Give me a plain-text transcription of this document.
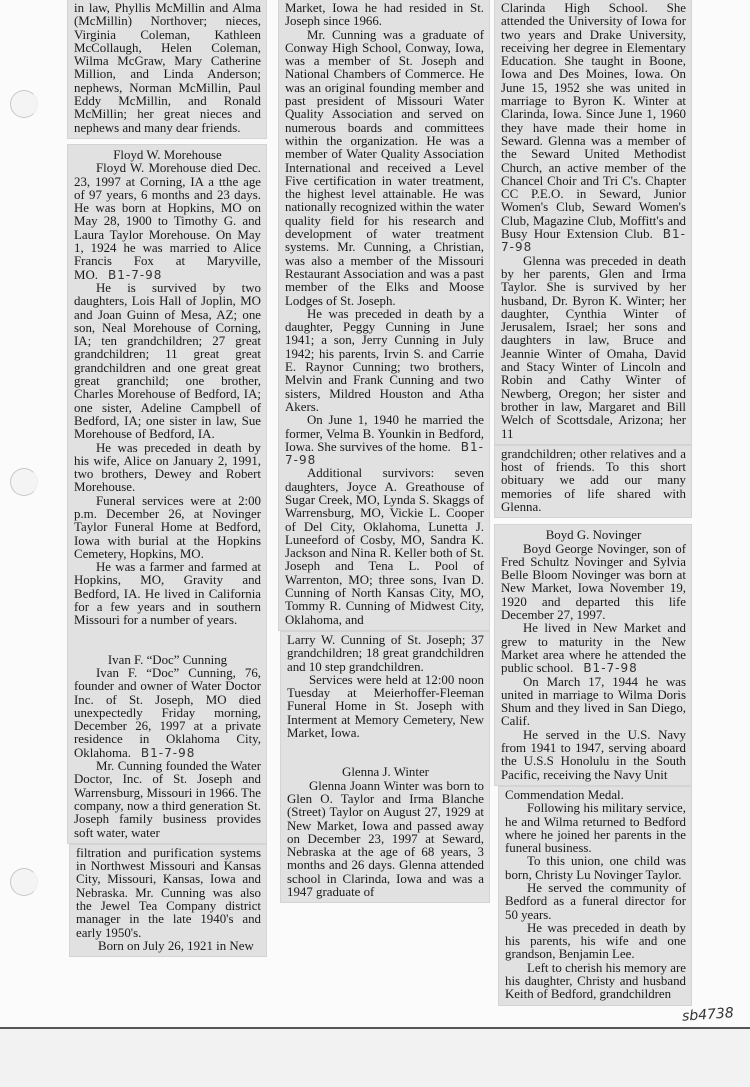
in law, Phyllis McMillin and Alma (McMillin) Northover; nieces, Virginia Coleman, Kathleen McCollaugh, Helen Coleman, Wilma McGraw, Mary Catherine Million, and Linda Anderson; nephews, Norman McMillin, Paul Eddy McMillin, and Ronald McMillin; her great nieces and nephews and many dear friends.

Floyd W. Morehouse

Floyd W. Morehouse died Dec. 23, 1997 at Corning, IA a tthe age of 97 years, 6 months and 23 days. He was born at Hopkins, MO on May 28, 1900 to Timothy G. and Laura Taylor Morehouse. On May 1, 1924 he was married to Alice Francis Fox at Maryville, MO. B1-7-98

He is survived by two daughters, Lois Hall of Joplin, MO and Joan Guinn of Mesa, AZ; one son, Neal Morehouse of Corning, IA; ten grandchildren; 27 great grandchildren; 11 great great grandchildren and one great great great granchild; one brother, Charles Morehouse of Bedford, IA; one sister, Adeline Campbell of Bedford, IA; one sister in law, Sue Morehouse of Bedford, IA.

He was preceded in death by his wife, Alice on January 2, 1991, two brothers, Dewey and Robert Morehouse.

Funeral services were at 2:00 p.m. December 26, at Novinger Taylor Funeral Home at Bedford, Iowa with burial at the Hopkins Cemetery, Hopkins, MO.

He was a farmer and farmed at Hopkins, MO, Gravity and Bedford, IA. He lived in California for a few years and in southern Missouri for a number of years.

Ivan F. “Doc” Cunning

Ivan F. “Doc” Cunning, 76, founder and owner of Water Doctor Inc. of St. Joseph, MO died unexpectedly Friday morning, December 26, 1997 at a private residence in Oklahoma City, Oklahoma. B1-7-98

Mr. Cunning founded the Water Doctor, Inc. of St. Joseph and Warrensburg, Missouri in 1966. The company, now a third generation St. Joseph family business provides soft water, water

filtration and purification systems in Northwest Missouri and Kansas City, Missouri, Kansas, Iowa and Nebraska. Mr. Cunning was also the Jewel Tea Company district manager in the late 1940's and early 1950's.

Born on July 26, 1921 in New

Market, Iowa he had resided in St. Joseph since 1966.

Mr. Cunning was a graduate of Conway High School, Conway, Iowa, was a member of St. Joseph and National Chambers of Commerce. He was an original founding member and past president of Missouri Water Quality Association and served on numerous boards and committees within the organization. He was a member of Water Quality Association International and received a Level Five certification in water treatment, the highest level attainable. He was nationally recognized within the water quality field for his research and development of water treatment systems. Mr. Cunning, a Christian, was also a member of the Missouri Restaurant Association and was a past member of the Elks and Moose Lodges of St. Joseph.

He was preceded in death by a daughter, Peggy Cunning in June 1941; a son, Jerry Cunning in July 1942; his parents, Irvin S. and Carrie E. Raynor Cunning; two brothers, Melvin and Frank Cunning and two sisters, Mildred Houston and Atha Akers.

On June 1, 1940 he married the former, Velma B. Younkin in Bedford, Iowa. She survives of the home. B1-7-98

Additional survivors: seven daughters, Joyce A. Greathouse of Sugar Creek, MO, Lynda S. Skaggs of Warrensburg, MO, Vickie L. Cooper of Del City, Oklahoma, Lunetta J. Luneeford of Cosby, MO, Sandra K. Jackson and Nina R. Keller both of St. Joseph and Tena L. Pool of Warrenton, MO; three sons, Ivan D. Cunning of North Kansas City, MO, Tommy R. Cunning of Midwest City, Oklahoma, and

Larry W. Cunning of St. Joseph; 37 grandchildren; 18 great grandchildren and 10 step grandchildren.

Services were held at 12:00 noon Tuesday at Meierhoffer-Fleeman Funeral Home in St. Joseph with Interment at Memory Cemetery, New Market, Iowa.

Glenna J. Winter

Glenna Joann Winter was born to Glen O. Taylor and Irma Blanche (Street) Taylor on August 27, 1929 at New Market, Iowa and passed away on December 23, 1997 at Seward, Nebraska at the age of 68 years, 3 months and 26 days. Glenna attended school in Clarinda, Iowa and was a 1947 graduate of

Clarinda High School. She attended the University of Iowa for two years and Drake University, receiving her degree in Elementary Education. She taught in Boone, Iowa and Des Moines, Iowa. On June 15, 1952 she was united in marriage to Byron K. Winter at Clarinda, Iowa. Since June 1, 1960 they have made their home in Seward. Glenna was a member of the Seward United Methodist Church, an active member of the Chancel Choir and Tri C's. Chapter CC P.E.O. in Seward, Junior Women's Club, Seward Women's Club, Magazine Club, Moffitt's and Busy Hour Extension Club. B1-7-98

Glenna was preceded in death by her parents, Glen and Irma Taylor. She is survived by her husband, Dr. Byron K. Winter; her daughter, Cynthia Winter of Jerusalem, Israel; her sons and daughters in law, Bruce and Jeannie Winter of Omaha, David and Stacy Winter of Lincoln and Robin and Cathy Winter of Newberg, Oregon; her sister and brother in law, Margaret and Bill Welch of Scottsdale, Arizona; her 11

grandchildren; other relatives and a host of friends. To this short obituary we add our many memories of life shared with Glenna.

Boyd G. Novinger

Boyd George Novinger, son of Fred Schultz Novinger and Sylvia Belle Bloom Novinger was born at New Market, Iowa November 19, 1920 and departed this life December 27, 1997.

He lived in New Market and grew to maturity in the New Market area where he attended the public school. B1-7-98

On March 17, 1944 he was united in marriage to Wilma Doris Shum and they lived in San Diego, Calif.

He served in the U.S. Navy from 1941 to 1947, serving aboard the U.S.S Honolulu in the South Pacific, receiving the Navy Unit

Commendation Medal.

Following his military service, he and Wilma returned to Bedford where he joined her parents in the funeral business.

To this union, one child was born, Christy Lu Novinger Taylor.

He served the community of Bedford as a funeral director for 50 years.

He was preceded in death by his parents, his wife and one grandson, Benjamin Lee.

Left to cherish his memory are his daughter, Christy and husband Keith of Bedford, grandchildren

sb4738
